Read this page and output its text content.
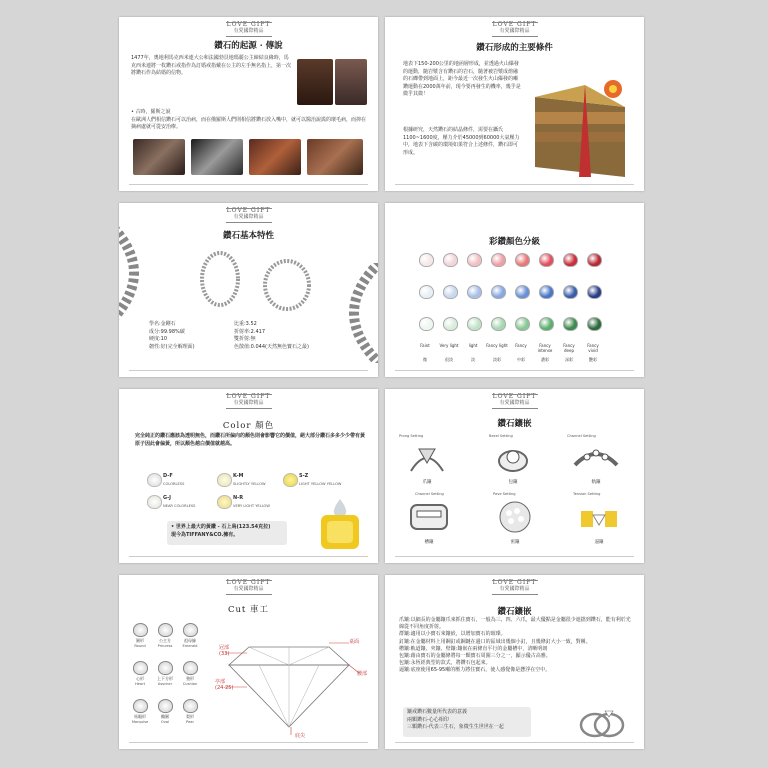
LOVE GIFT
有愛國際精品
鑽石的起源 · 傳說
1477年，奧地利馬克西米連大公和法國勃艮地瑪麗公主締結良緣時，馬克西米連將一枚鑽石戒指作為訂婚戒指戴在公主的左手無名指上，第一次將鑽石作為結婚的信物。
• 古時，羅斯之說
在歐洲人們相信鑽石可以治病，而在俄羅斯人們則相信將鑽石放入嘴中，就可以醫治說謊的壞毛病，而抑在摘病處就可從安治療。
LOVE GIFT
有愛國際精品
鑽石形成的主要條件
地表下150-200公里的地函層形成，並透過火山爆發的運動，隨岩漿含有鑽石的岩石，隨著被岩漿成熔融的石礫帶到地面上，距今最近一次發生火山爆發的噸鑽運動在2000萬年前，現今要再發生的機率，幾乎是微乎其微！
根據研究，天然鑽石的結晶條件，需要在攝氏1100~1600度，壓力介於45000到60000大氣壓力中，地表下含碳的環境如果符合上述條件，鑽石即可形成。
LOVE GIFT
有愛國際精品
鑽石基本特性

學名:金剛石

成分:99.98%碳

硬度:10

韌性:好(完全解理面)

比重:3.52

折射率:2.417

雙折射:無

色散值:0.044(天然無色寶石之最)

彩鑽顏色分級
Faint
微
Very light
很淡
light
淡
Fancy light
淡彩
Fancy
中彩
Fancy intense
濃彩
Fancy deep
深彩
Fancy vivid
艷彩
LOVE GIFT
有愛國際精品
Color 顏色
完全純正的鑽石應該為透明無色，而鑽石所偏向的顏色則會影響它的價值，絕大部分鑽石多多少少帶有黃原子因此會偏黃，所以顏色越白價值就越高。
D-F
COLORLESS
K-M
SLIGHTLY YELLOW
S-Z
LIGHT YELLOW YELLOW
G-J
NEAR COLORLESS
N-R
VERY LIGHT YELLOW
• 世界上最大的黃鑽 - 石上鳥(123.54克拉)
現今為TIFFANY&CO.擁有。
LOVE GIFT
有愛國際精品
鑽石鑲嵌
Prong Setting
爪鑲
Bezel Setting
包鑲
Channel Setting
軌鑲
Channel Setting
槽鑲
Pave Setting
密鑲
Tension Setting
逼鑲
LOVE GIFT
有愛國際精品
Cut 車工
圓形
Round
公主方
Princess
祖母綠
Emerald
心形
Heart
上下方形
Asscher
墊形
Cushion
馬眼形
Marquise
橢圓
Oval
梨形
Pear
冠部
(33)
亭部
(24-25)
桌面
腰部
底尖
LOVE GIFT
有愛國際精品
鑽石鑲嵌

爪鑲:以細長的金屬鑲爪來抓住寶石，一般為三、四、六爪，最大優點是金屬很少遮擋到鑽石，能有利於光線從不同角度折射。

群鑲:適用以小寶石來鑲嵌，以增加寶石的璀璨。

釘鑲:在金屬材料上用鋼釘或鋼鏈在邊口的區域出幾個小釘，且幾條釘大小一致，對稱。

槽鑲:軌道鑲、夾鑲、壁鑲:鑲嵌在兩條直平行的金屬槽中，清晰明朗

包鑲:藉由寶石的金屬條將每一顆寶石周圍三分之一，顯示優古高雅。

包鑲:永恆經典型的款式，將鑽石包起來。

逼鑲:底座使用65-95噸的壓力將住寶石，使人感覺像是懸浮在空中。

鑲戒鑽石數量所代表的意義

兩顆鑽石-心心相印

三顆鑽石-代表三生石，象徵生生世世在一起
